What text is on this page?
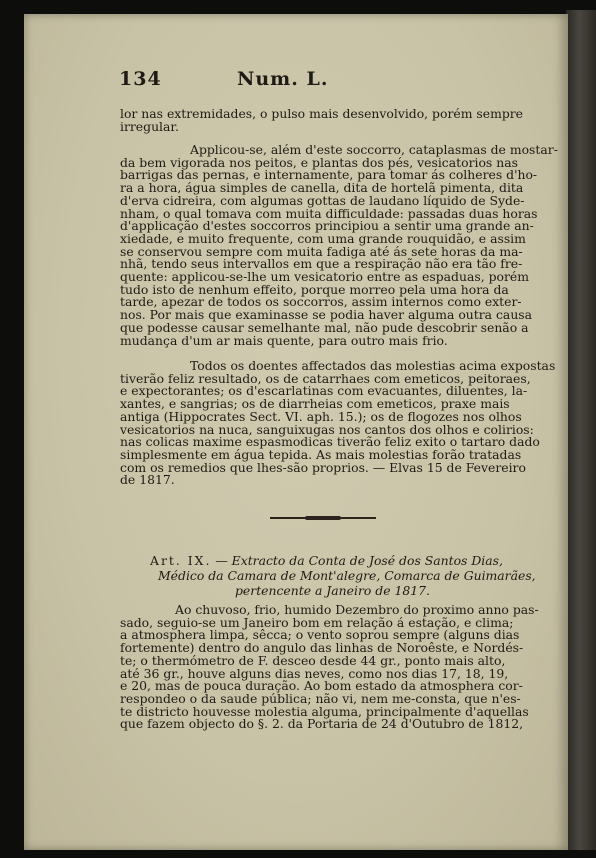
134	Num. L.

lor nas extremidades, o pulso mais desenvolvido, porém sempre

irregular.

Applicou-se, além d'este soccorro, cataplasmas de mostar-

da bem vigorada nos peitos, e plantas dos pés, vesicatorios nas

barrigas das pernas, e internamente, para tomar ás colheres d'ho-

ra a hora, água simples de canella, dita de hortelã pimenta, dita

d'erva cidreira, com algumas gottas de laudano líquido de Syde-

nham, o qual tomava com muita difficuldade: passadas duas horas

d'applicação d'estes soccorros principiou a sentir uma grande an-

xiedade, e muito frequente, com uma grande rouquidão, e assim

se conservou sempre com muita fadiga até ás sete horas da ma-

nhã, tendo seus intervallos em que a respiração não era tão fre-

quente: applicou-se-lhe um vesicatorio entre as espaduas, porém

tudo isto de nenhum effeito, porque morreo pela uma hora da

tarde, apezar de todos os soccorros, assim internos como exter-

nos. Por mais que examinasse se podia haver alguma outra causa

que podesse causar semelhante mal, não pude descobrir senão a

mudança d'um ar mais quente, para outro mais frio.

Todos os doentes affectados das molestias acima expostas

tiverão feliz resultado, os de catarrhaes com emeticos, peitoraes,

e expectorantes; os d'escarlatinas com evacuantes, diluentes, la-

xantes, e sangrias; os de diarrheias com emeticos, praxe mais

antiga (Hippocrates Sect. VI. aph. 15.); os de flogozes nos olhos

vesicatorios na nuca, sanguixugas nos cantos dos olhos e colirios:

nas colicas maxime espasmodicas tiverão feliz exito o tartaro dado

simplesmente em água tepida. As mais molestias forão tratadas

com os remedios que lhes-são proprios. — Elvas 15 de Fevereiro

de 1817.

Art. IX. — Extracto da Conta de José dos Santos Dias,

Médico da Camara de Mont'alegre, Comarca de Guimarães,

pertencente a Janeiro de 1817.

Ao chuvoso, frio, humido Dezembro do proximo anno pas-

sado, seguio-se um Janeiro bom em relação á estação, e clima;

a atmosphera limpa, sêcca; o vento soprou sempre (alguns dias

fortemente) dentro do angulo das linhas de Noroêste, e Nordés-

te; o thermómetro de F. desceo desde 44 gr., ponto mais alto,

até 36 gr., houve alguns dias neves, como nos dias 17, 18, 19,

e 20, mas de pouca duração. Ao bom estado da atmosphera cor-

respondeo o da saude pública; não vi, nem me-consta, que n'es-

te districto houvesse molestia alguma, principalmente d'aquellas

que fazem objecto do §. 2. da Portaria de 24 d'Outubro de 1812,
